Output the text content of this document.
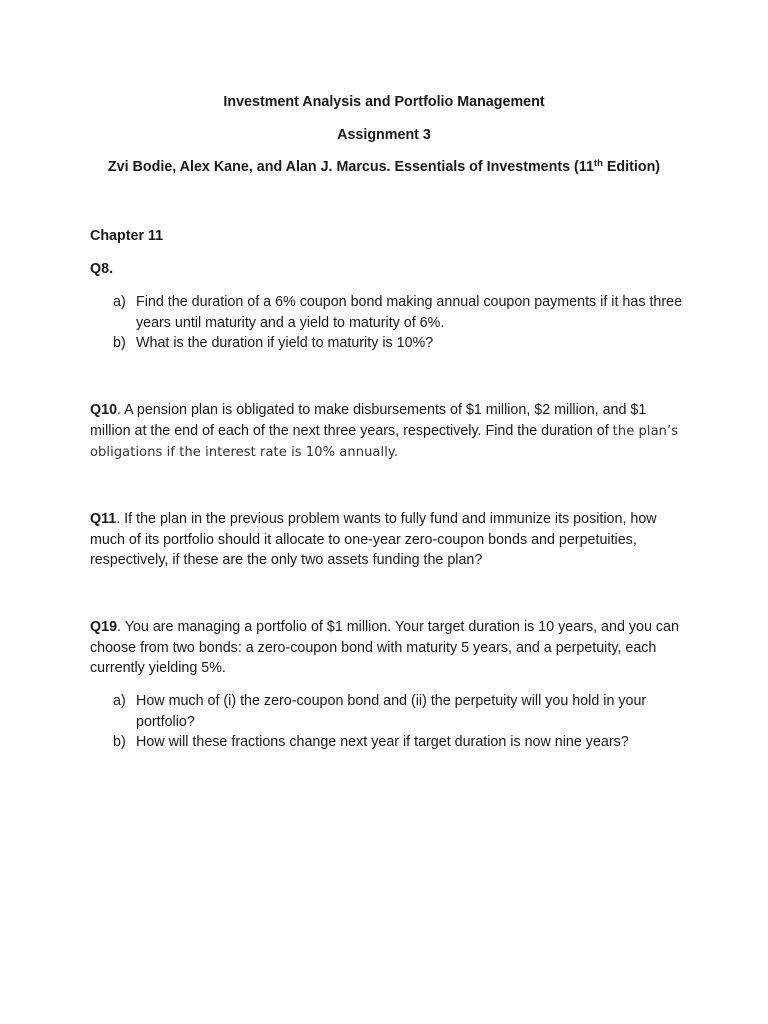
Investment Analysis and Portfolio Management
Assignment 3
Zvi Bodie, Alex Kane, and Alan J. Marcus. Essentials of Investments (11th Edition)
Chapter 11
Q8.
a) Find the duration of a 6% coupon bond making annual coupon payments if it has three years until maturity and a yield to maturity of 6%.
b) What is the duration if yield to maturity is 10%?
Q10. A pension plan is obligated to make disbursements of $1 million, $2 million, and $1 million at the end of each of the next three years, respectively. Find the duration of the plan’s obligations if the interest rate is 10% annually.
Q11. If the plan in the previous problem wants to fully fund and immunize its position, how much of its portfolio should it allocate to one-year zero-coupon bonds and perpetuities, respectively, if these are the only two assets funding the plan?
Q19. You are managing a portfolio of $1 million. Your target duration is 10 years, and you can choose from two bonds: a zero-coupon bond with maturity 5 years, and a perpetuity, each currently yielding 5%.
a) How much of (i) the zero-coupon bond and (ii) the perpetuity will you hold in your portfolio?
b) How will these fractions change next year if target duration is now nine years?
